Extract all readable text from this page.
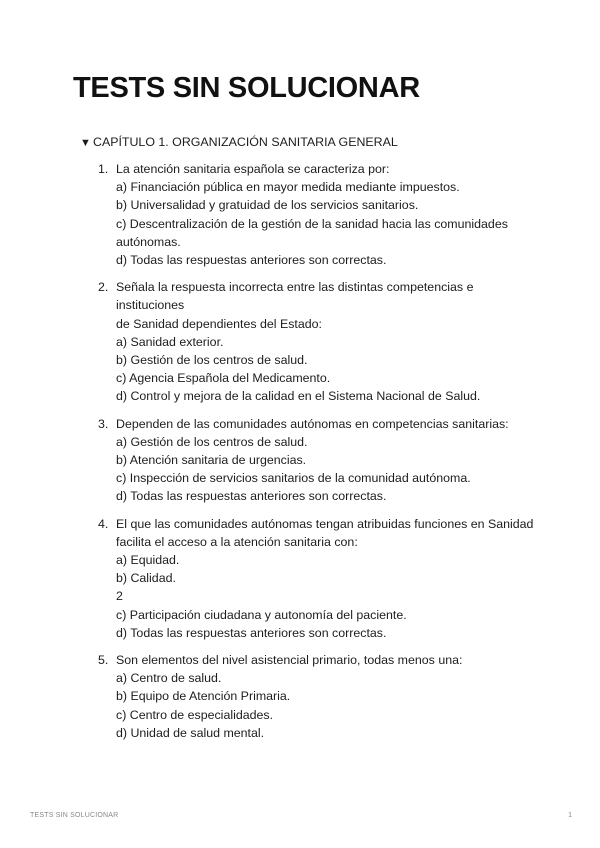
TESTS SIN SOLUCIONAR
▼ CAPÍTULO 1. ORGANIZACIÓN SANITARIA GENERAL
1. La atención sanitaria española se caracteriza por:
a) Financiación pública en mayor medida mediante impuestos.
b) Universalidad y gratuidad de los servicios sanitarios.
c) Descentralización de la gestión de la sanidad hacia las comunidades autónomas.
d) Todas las respuestas anteriores son correctas.
2. Señala la respuesta incorrecta entre las distintas competencias e instituciones
de Sanidad dependientes del Estado:
a) Sanidad exterior.
b) Gestión de los centros de salud.
c) Agencia Española del Medicamento.
d) Control y mejora de la calidad en el Sistema Nacional de Salud.
3. Dependen de las comunidades autónomas en competencias sanitarias:
a) Gestión de los centros de salud.
b) Atención sanitaria de urgencias.
c) Inspección de servicios sanitarios de la comunidad autónoma.
d) Todas las respuestas anteriores son correctas.
4. El que las comunidades autónomas tengan atribuidas funciones en Sanidad
facilita el acceso a la atención sanitaria con:
a) Equidad.
b) Calidad.
2
c) Participación ciudadana y autonomía del paciente.
d) Todas las respuestas anteriores son correctas.
5. Son elementos del nivel asistencial primario, todas menos una:
a) Centro de salud.
b) Equipo de Atención Primaria.
c) Centro de especialidades.
d) Unidad de salud mental.
TESTS SIN SOLUCIONAR	1
